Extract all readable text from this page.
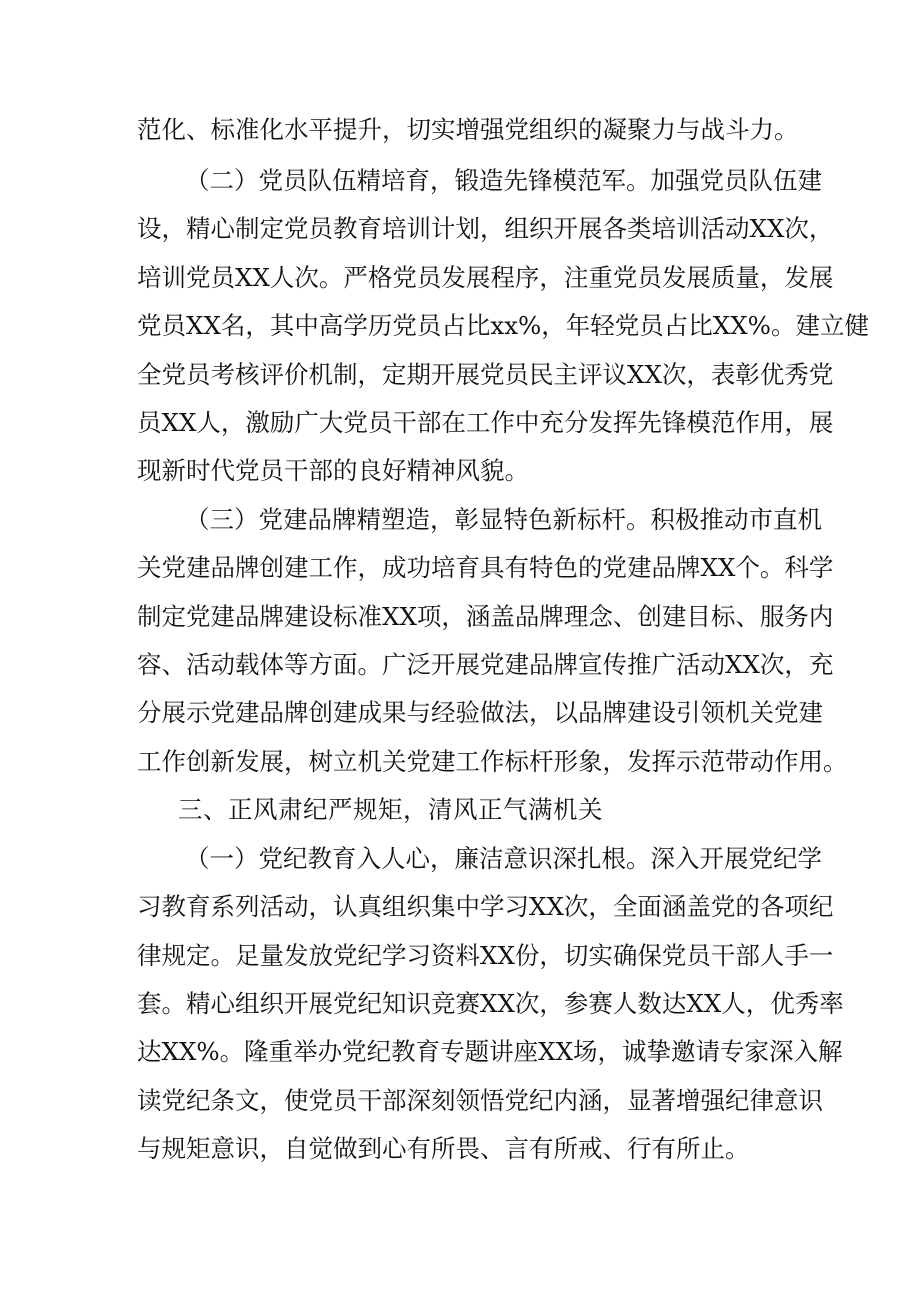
范化、标准化水平提升，切实增强党组织的凝聚力与战斗力。
（二）党员队伍精培育，锻造先锋模范军。加强党员队伍建
设，精心制定党员教育培训计划，组织开展各类培训活动XX次，
培训党员XX人次。严格党员发展程序，注重党员发展质量，发展
党员XX名，其中高学历党员占比xx%，年轻党员占比XX%。建立健
全党员考核评价机制，定期开展党员民主评议XX次，表彰优秀党
员XX人，激励广大党员干部在工作中充分发挥先锋模范作用，展
现新时代党员干部的良好精神风貌。
（三）党建品牌精塑造，彰显特色新标杆。积极推动市直机
关党建品牌创建工作，成功培育具有特色的党建品牌XX个。科学
制定党建品牌建设标准XX项，涵盖品牌理念、创建目标、服务内
容、活动载体等方面。广泛开展党建品牌宣传推广活动XX次，充
分展示党建品牌创建成果与经验做法，以品牌建设引领机关党建
工作创新发展，树立机关党建工作标杆形象，发挥示范带动作用。
三、正风肃纪严规矩，清风正气满机关
（一）党纪教育入人心，廉洁意识深扎根。深入开展党纪学
习教育系列活动，认真组织集中学习XX次，全面涵盖党的各项纪
律规定。足量发放党纪学习资料XX份，切实确保党员干部人手一
套。精心组织开展党纪知识竞赛XX次，参赛人数达XX人，优秀率
达XX%。隆重举办党纪教育专题讲座XX场，诚挚邀请专家深入解
读党纪条文，使党员干部深刻领悟党纪内涵，显著增强纪律意识
与规矩意识，自觉做到心有所畏、言有所戒、行有所止。
